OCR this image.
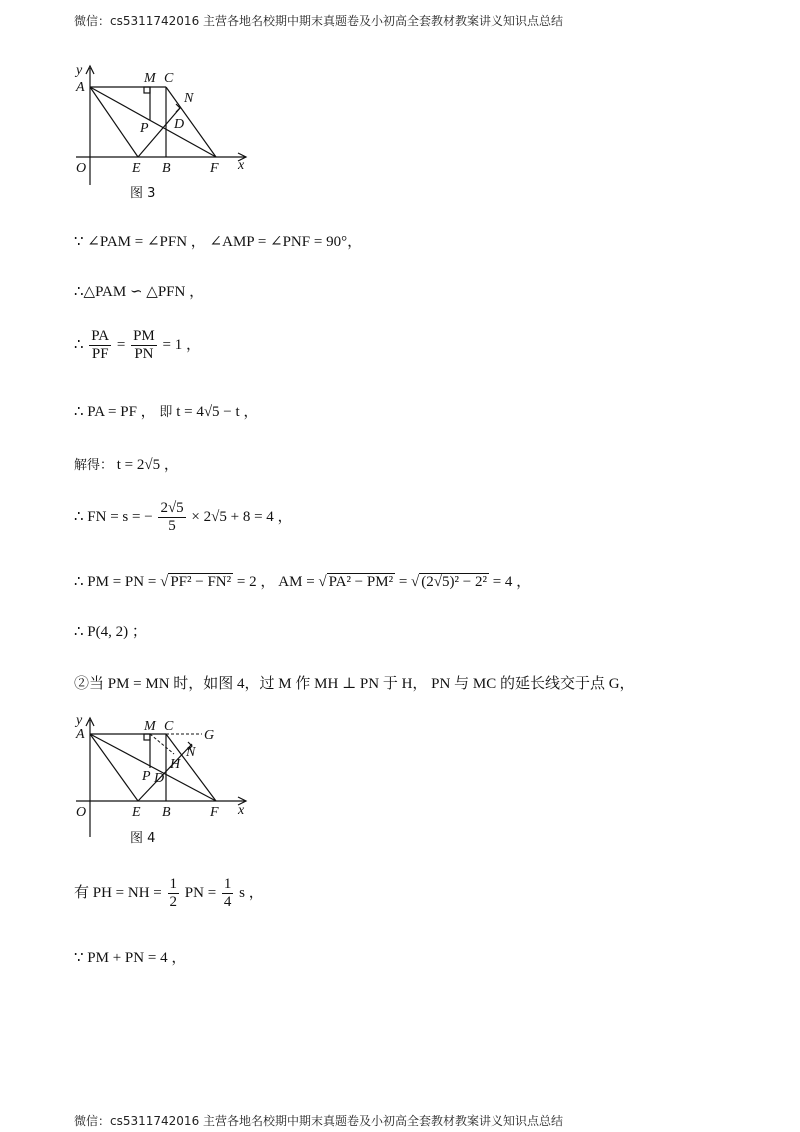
微信：cs5311742016 主营各地名校期中期末真题卷及小初高全套教材教案讲义知识点总结
y
A
M C
N
P D
O	E B	F x
图 3
∵ ∠PAM = ∠PFN ， ∠AMP = ∠PNF = 90°，
∴△PAM ∽ △PFN ，
∴ $\frac{PA}{PF} = \frac{PM}{PN} = 1$ ，
∴ PA = PF ， 即 t = 4√5 − t ，
解得： t = 2√5 ，
∴ FN = s = − $\frac{2√5}{5} \times 2√5 + 8 = 4$ ，
∴ PM = PN = √ PF² − FN² = 2 ， AM = √ PA² − PM² = √ (2√5)² − 2² = 4 ，
∴ P(4, 2) ；
②当 PM = MN 时，如图 4，过 M 作 MH ⊥ PN 于 H， PN 与 MC 的延长线交于点 G，
y
A
M C
G
N
H
P D
O	E B	F x
图 4
有 PH = NH = $\frac{1}{2}$ PN = $\frac{1}{4}$ s ，
∵ PM + PN = 4 ，
微信：cs5311742016 主营各地名校期中期末真题卷及小初高全套教材教案讲义知识点总结
